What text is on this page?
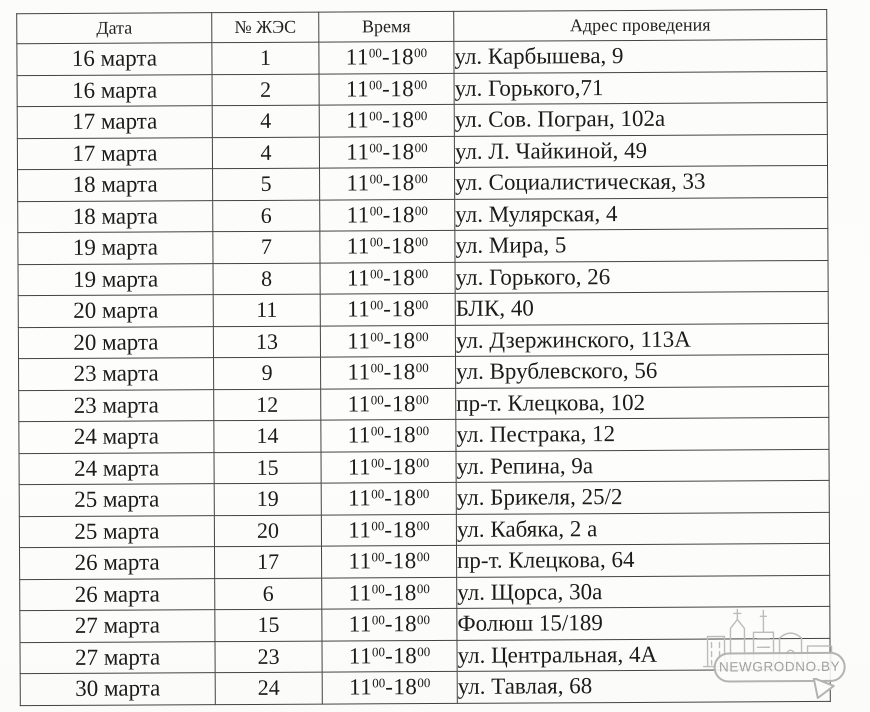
Дата	№ ЖЭС	Время	Адрес проведения
16 марта	1	$11^{00}-18^{00}$	ул. Карбышева, 9
16 марта	2	$11^{00}-18^{00}$	ул. Горького,71
17 марта	4	$11^{00}-18^{00}$	ул. Сов. Погран, 102а
17 марта	4	$11^{00}-18^{00}$	ул. Л. Чайкиной, 49
18 марта	5	$11^{00}-18^{00}$	ул. Социалистическая, 33
18 марта	6	$11^{00}-18^{00}$	ул. Мулярская, 4
19 марта	7	$11^{00}-18^{00}$	ул. Мира, 5
19 марта	8	$11^{00}-18^{00}$	ул. Горького, 26
20 марта	11	$11^{00}-18^{00}$	БЛК, 40
20 марта	13	$11^{00}-18^{00}$	ул. Дзержинского, 113А
23 марта	9	$11^{00}-18^{00}$	ул. Врублевского, 56
23 марта	12	$11^{00}-18^{00}$	пр-т. Клецкова, 102
24 марта	14	$11^{00}-18^{00}$	ул. Пестрака, 12
24 марта	15	$11^{00}-18^{00}$	ул. Репина, 9а
25 марта	19	$11^{00}-18^{00}$	ул. Брикеля, 25/2
25 марта	20	$11^{00}-18^{00}$	ул. Кабяка, 2 а
26 марта	17	$11^{00}-18^{00}$	пр-т. Клецкова, 64
26 марта	6	$11^{00}-18^{00}$	ул. Щорса, 30а
27 марта	15	$11^{00}-18^{00}$	Фолюш 15/189
27 марта	23	$11^{00}-18^{00}$	ул. Центральная, 4А
30 марта	24	$11^{00}-18^{00}$	ул. Тавлая, 68
NEWGRODNO.BY
